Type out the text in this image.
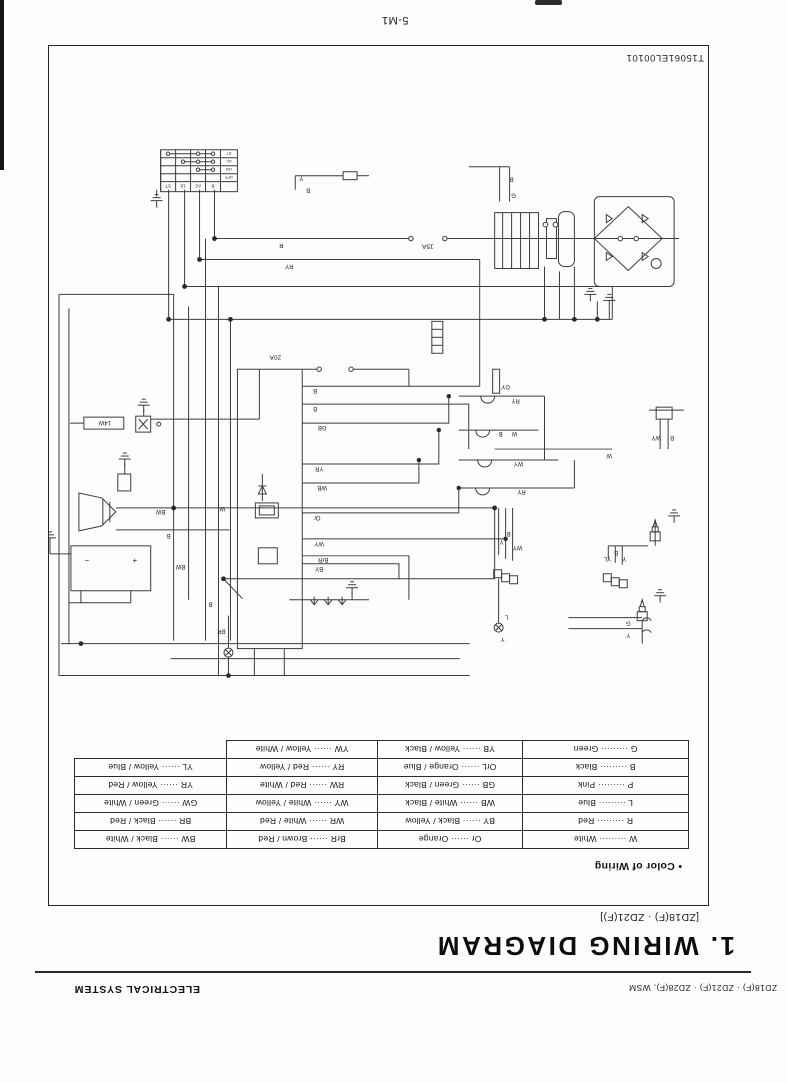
ZD18(F) · ZD21(F) · ZD28(F), WSM
ELECTRICAL SYSTEM
1. WIRING DIAGRAM
[ZD18(F) · ZD21(F)]
• Color of Wiring
W ········· White
R ········· Red
L ········· Blue
P ········· Pink
B ········· Black
G ········· Green
Or ······ Orange
BY ······ Black / Yellow
WB ······ White / Black
GB ······ Green / Black
OrL ······ Orange / Blue
YB ······ Yellow / Black
BrR ······ Brown / Red
WR ······ White / Red
WY ······ White / Yellow
RW ······ Red / White
RY ······ Red / Yellow
YW ······ Yellow / White
BW ······ Black / White
BR ······ Black / Red
GW ······ Green / White
YR ······ Yellow / Red
YL ······ Yellow / Blue
B
AC
19
ST
OFF
ON
GL
ST
15A
20A
R
RY
BY
BrR
WY
Or
WB
YR
GB
B
B
BW
BW
B
B
W
W
RY
B W
WY
RY
GY
WY B
Y
B
WY
Y
B
YL
Y
L
G
Y
BR
B
G
Y
B
14W
+
−
T15061EL00101
5-M1
